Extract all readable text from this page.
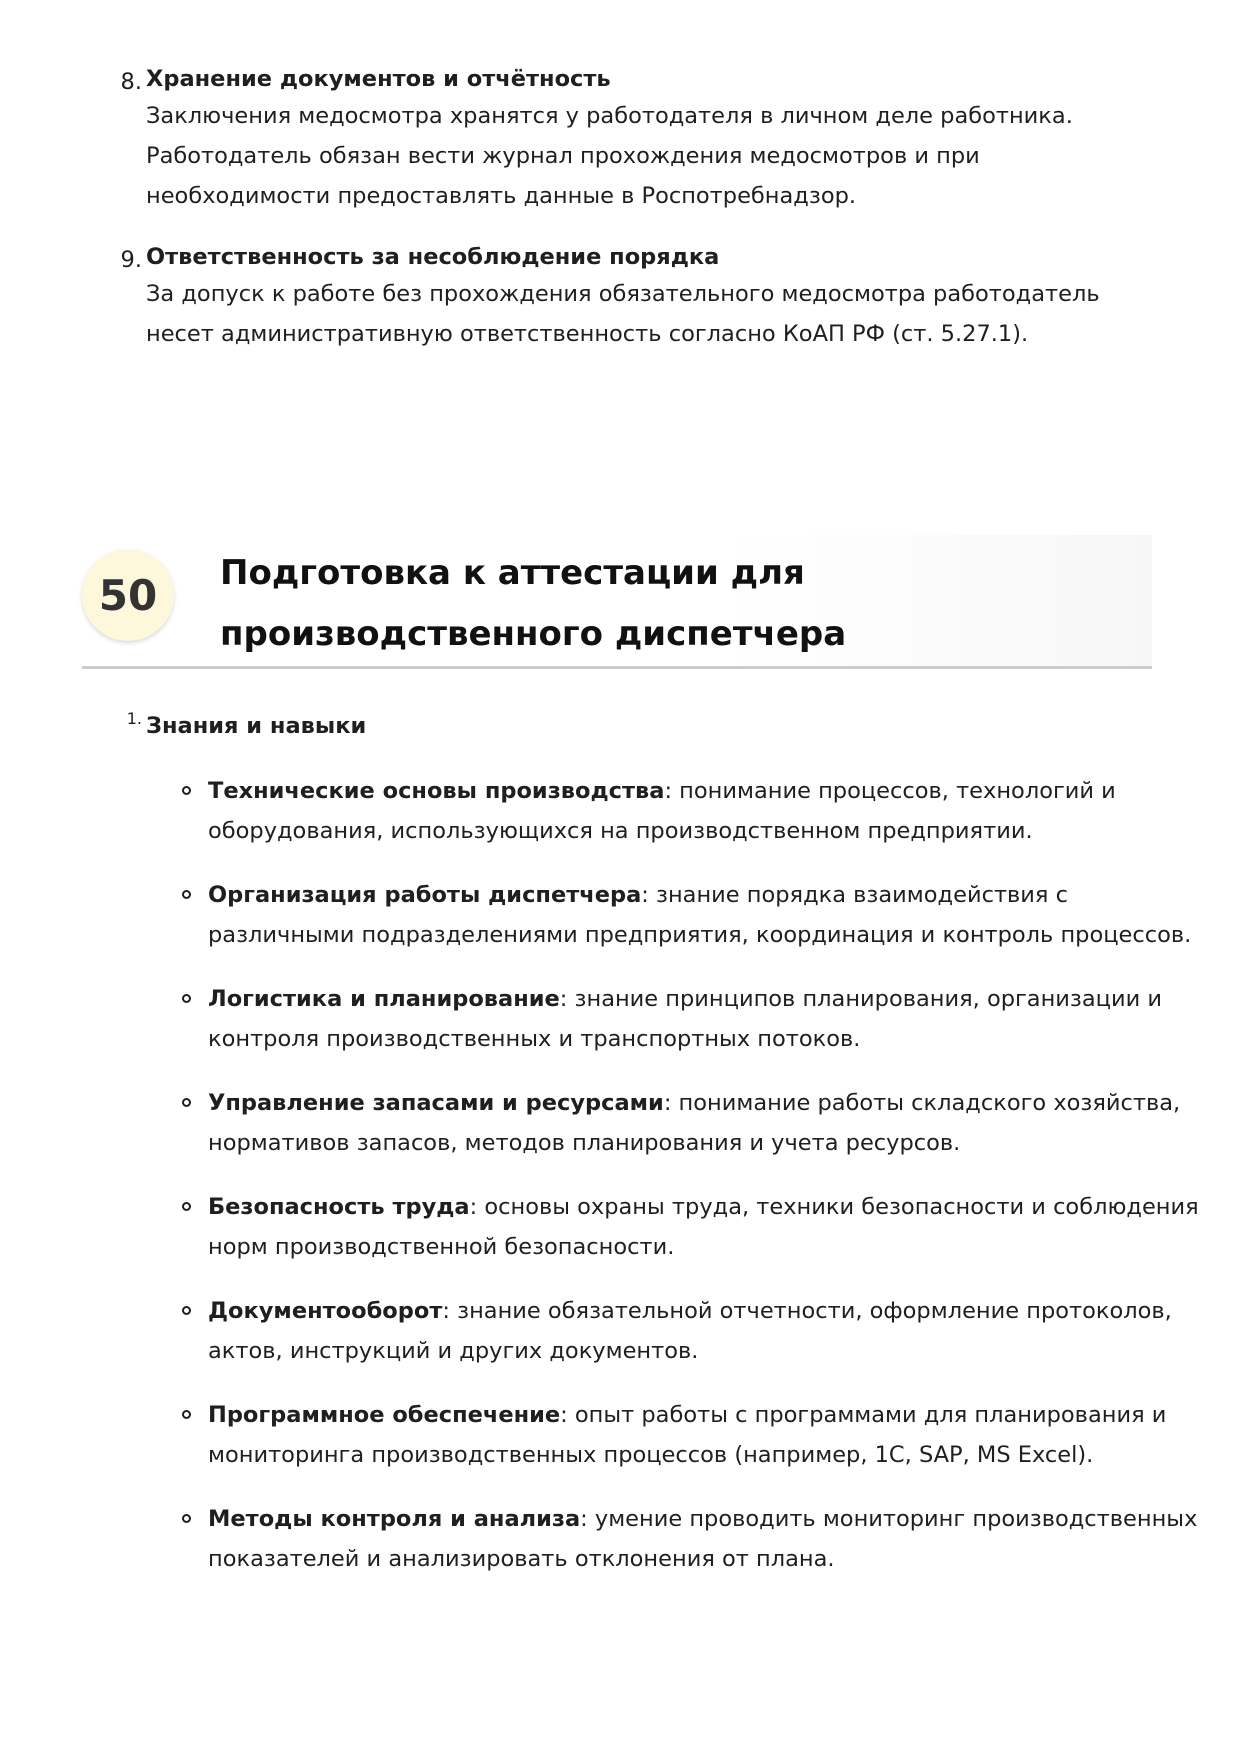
8. Хранение документов и отчётность
Заключения медосмотра хранятся у работодателя в личном деле работника. Работодатель обязан вести журнал прохождения медосмотров и при необходимости предоставлять данные в Роспотребнадзор.
9. Ответственность за несоблюдение порядка
За допуск к работе без прохождения обязательного медосмотра работодатель несет административную ответственность согласно КоАП РФ (ст. 5.27.1).
50	Подготовка к аттестации для производственного диспетчера
1. Знания и навыки
Технические основы производства: понимание процессов, технологий и оборудования, использующихся на производственном предприятии.
Организация работы диспетчера: знание порядка взаимодействия с различными подразделениями предприятия, координация и контроль процессов.
Логистика и планирование: знание принципов планирования, организации и контроля производственных и транспортных потоков.
Управление запасами и ресурсами: понимание работы складского хозяйства, нормативов запасов, методов планирования и учета ресурсов.
Безопасность труда: основы охраны труда, техники безопасности и соблюдения норм производственной безопасности.
Документооборот: знание обязательной отчетности, оформление протоколов, актов, инструкций и других документов.
Программное обеспечение: опыт работы с программами для планирования и мониторинга производственных процессов (например, 1С, SAP, MS Excel).
Методы контроля и анализа: умение проводить мониторинг производственных показателей и анализировать отклонения от плана.
